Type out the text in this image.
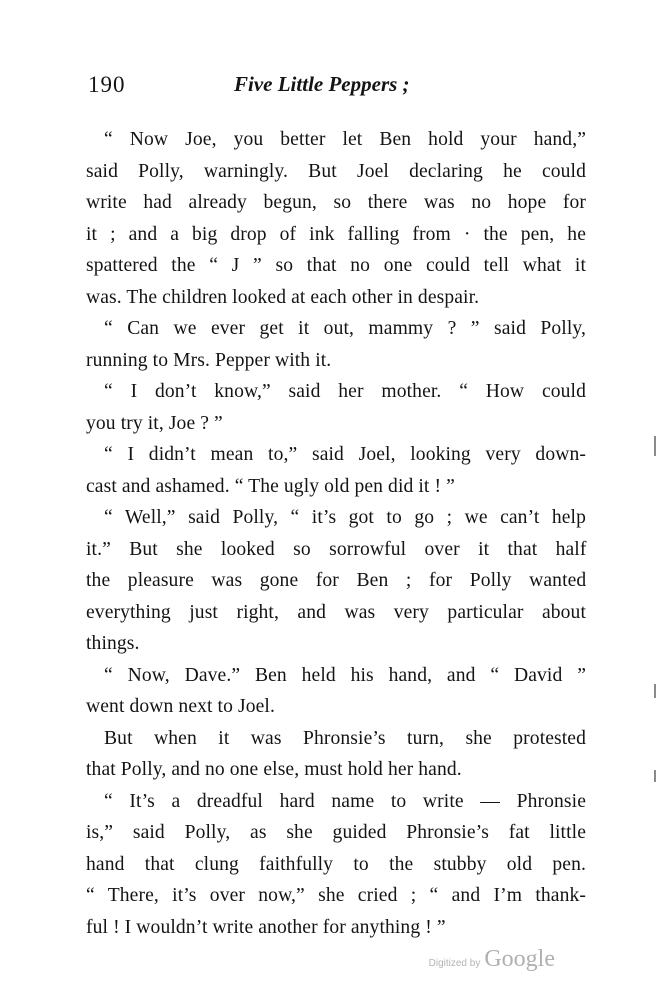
190	Five Little Peppers ;
“ Now Joe, you better let Ben hold your hand,”
said Polly, warningly. But Joel declaring he could
write had already begun, so there was no hope for
it ; and a big drop of ink falling from · the pen, he
spattered the “ J ” so that no one could tell what it
was. The children looked at each other in despair.
“ Can we ever get it out, mammy ? ” said Polly,
running to Mrs. Pepper with it.
“ I don’t know,” said her mother. “ How could
you try it, Joe ? ”
“ I didn’t mean to,” said Joel, looking very down-
cast and ashamed. “ The ugly old pen did it ! ”
“ Well,” said Polly, “ it’s got to go ; we can’t help
it.” But she looked so sorrowful over it that half
the pleasure was gone for Ben ; for Polly wanted
everything just right, and was very particular about
things.
“ Now, Dave.” Ben held his hand, and “ David ”
went down next to Joel.
But when it was Phronsie’s turn, she protested
that Polly, and no one else, must hold her hand.
“ It’s a dreadful hard name to write — Phronsie
is,” said Polly, as she guided Phronsie’s fat little
hand that clung faithfully to the stubby old pen.
“ There, it’s over now,” she cried ; “ and I’m thank-
ful ! I wouldn’t write another for anything ! ”
Digitized by Google
